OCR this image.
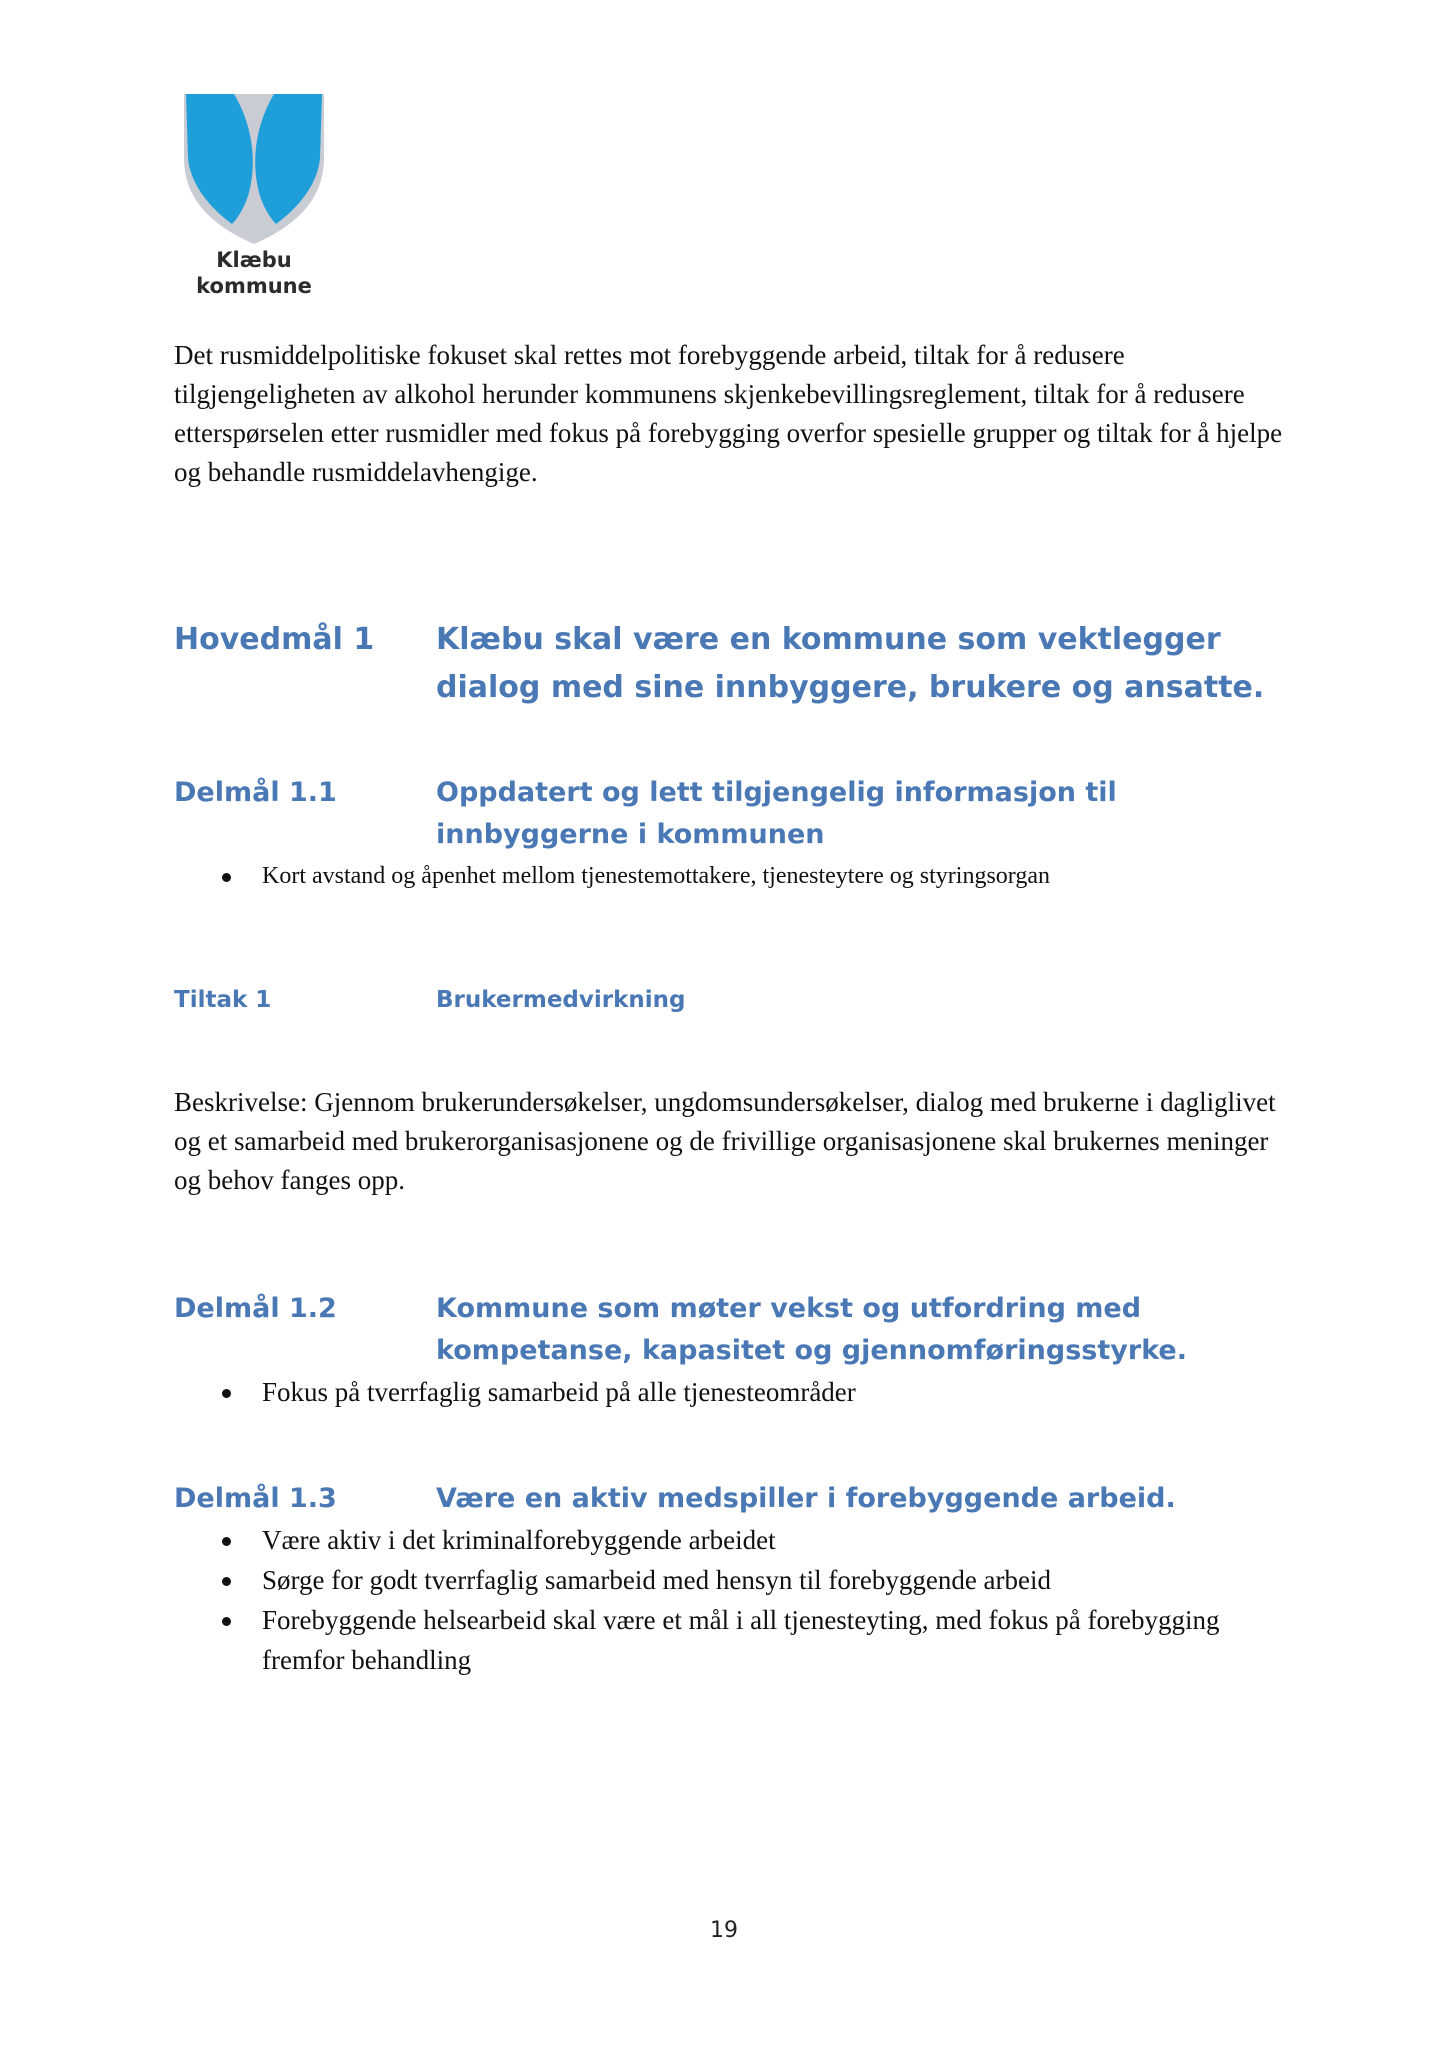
Klæbu
kommune

Det rusmiddelpolitiske fokuset skal rettes mot forebyggende arbeid, tiltak for å redusere tilgjengeligheten av alkohol herunder kommunens skjenkebevillingsreglement, tiltak for å redusere etterspørselen etter rusmidler med fokus på forebygging overfor spesielle grupper og tiltak for å hjelpe og behandle rusmiddelavhengige.

Hovedmål 1 Klæbu skal være en kommune som vektlegger dialog med sine innbyggere, brukere og ansatte.
Delmål 1.1	Oppdatert og lett tilgjengelig informasjon til innbyggerne i kommunen
Kort avstand og åpenhet mellom tjenestemottakere, tjenesteytere og styringsorgan
Tiltak 1	Brukermedvirkning

Beskrivelse: Gjennom brukerundersøkelser, ungdomsundersøkelser, dialog med brukerne i dagliglivet og et samarbeid med brukerorganisasjonene og de frivillige organisasjonene skal brukernes meninger og behov fanges opp.

Delmål 1.2	Kommune som møter vekst og utfordring med kompetanse, kapasitet og gjennomføringsstyrke.
Fokus på tverrfaglig samarbeid på alle tjenesteområder
Delmål 1.3	Være en aktiv medspiller i forebyggende arbeid.
Være aktiv i det kriminalforebyggende arbeidet
Sørge for godt tverrfaglig samarbeid med hensyn til forebyggende arbeid
Forebyggende helsearbeid skal være et mål i all tjenesteyting, med fokus på forebygging fremfor behandling
19
